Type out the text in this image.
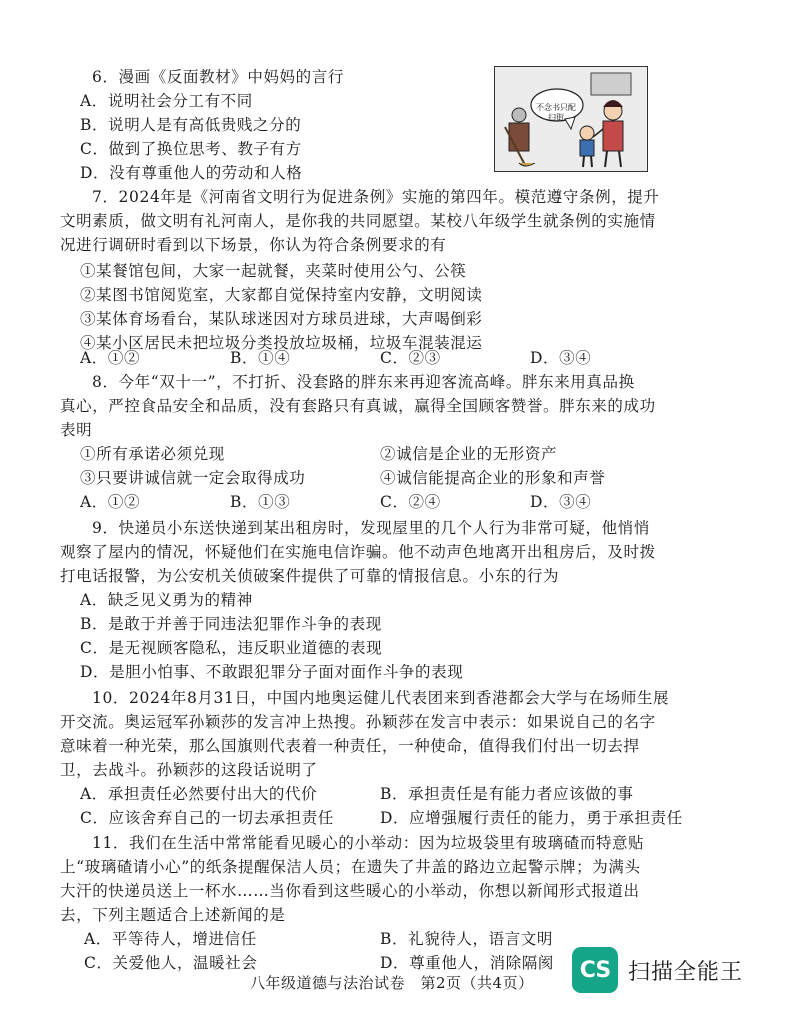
6．漫画《反面教材》中妈妈的言行
A．说明社会分工有不同
B．说明人是有高低贵贱之分的
C．做到了换位思考、教子有方
D．没有尊重他人的劳动和人格
不念书只配扫街
7．2024年是《河南省文明行为促进条例》实施的第四年。模范遵守条例，提升
文明素质，做文明有礼河南人，是你我的共同愿望。某校八年级学生就条例的实施情
况进行调研时看到以下场景，你认为符合条例要求的有
①某餐馆包间，大家一起就餐，夹菜时使用公勺、公筷
②某图书馆阅览室，大家都自觉保持室内安静，文明阅读
③某体育场看台，某队球迷因对方球员进球，大声喝倒彩
④某小区居民未把垃圾分类投放垃圾桶，垃圾车混装混运
A．①②	B．①④	C．②③	D．③④
8．今年“双十一”，不打折、没套路的胖东来再迎客流高峰。胖东来用真品换
真心，严控食品安全和品质，没有套路只有真诚，赢得全国顾客赞誉。胖东来的成功
表明
①所有承诺必须兑现	②诚信是企业的无形资产
③只要讲诚信就一定会取得成功	④诚信能提高企业的形象和声誉
A．①②	B．①③	C．②④	D．③④
9．快递员小东送快递到某出租房时，发现屋里的几个人行为非常可疑，他悄悄
观察了屋内的情况，怀疑他们在实施电信诈骗。他不动声色地离开出租房后，及时拨
打电话报警，为公安机关侦破案件提供了可靠的情报信息。小东的行为
A．缺乏见义勇为的精神
B．是敢于并善于同违法犯罪作斗争的表现
C．是无视顾客隐私，违反职业道德的表现
D．是胆小怕事、不敢跟犯罪分子面对面作斗争的表现
10．2024年8月31日，中国内地奥运健儿代表团来到香港都会大学与在场师生展
开交流。奥运冠军孙颖莎的发言冲上热搜。孙颖莎在发言中表示：如果说自己的名字
意味着一种光荣，那么国旗则代表着一种责任，一种使命，值得我们付出一切去捍
卫，去战斗。孙颖莎的这段话说明了
A．承担责任必然要付出大的代价	B．承担责任是有能力者应该做的事
C．应该舍弃自己的一切去承担责任	D．应增强履行责任的能力，勇于承担责任
11．我们在生活中常常能看见暖心的小举动：因为垃圾袋里有玻璃碴而特意贴
上“玻璃碴请小心”的纸条提醒保洁人员；在遗失了井盖的路边立起警示牌；为满头
大汗的快递员送上一杯水……当你看到这些暖心的小举动，你想以新闻形式报道出
去，下列主题适合上述新闻的是
A．平等待人，增进信任	B．礼貌待人，语言文明
C．关爱他人，温暖社会	D．尊重他人，消除隔阂
八年级道德与法治试卷　第2页（共4页）
CS 扫描全能王
